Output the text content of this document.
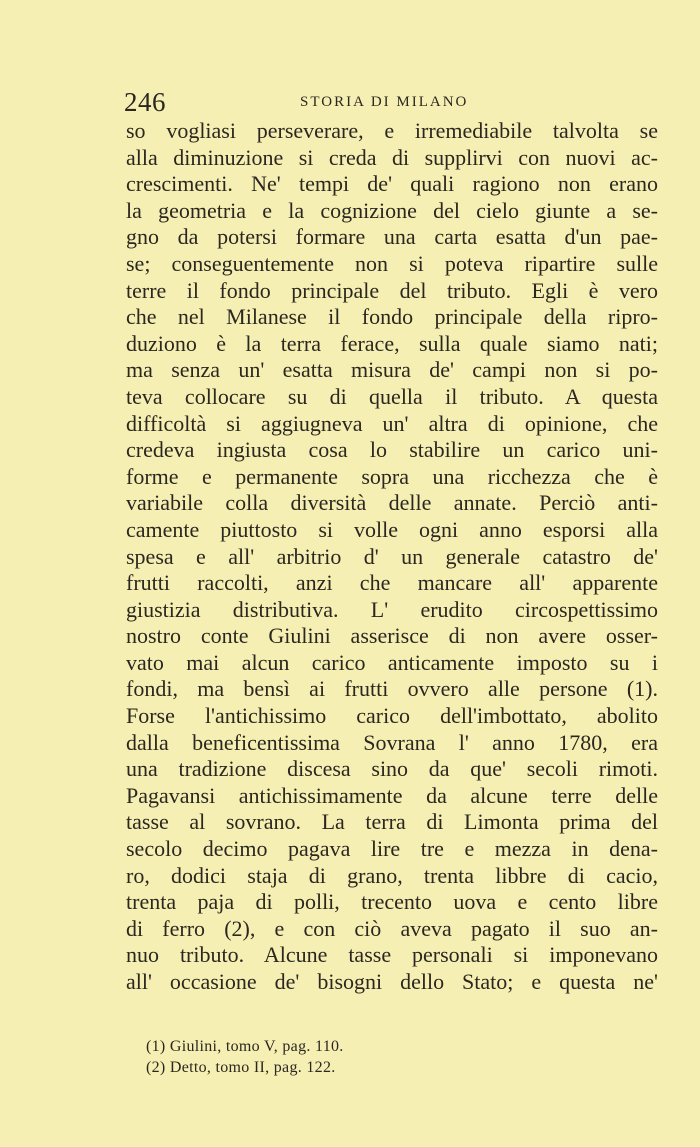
246	STORIA DI MILANO
so vogliasi perseverare, e irremediabile talvolta se
alla diminuzione si creda di supplirvi con nuovi ac-
crescimenti. Ne' tempi de' quali ragiono non erano
la geometria e la cognizione del cielo giunte a se-
gno da potersi formare una carta esatta d'un pae-
se; conseguentemente non si poteva ripartire sulle
terre il fondo principale del tributo. Egli è vero
che nel Milanese il fondo principale della ripro-
duziono è la terra ferace, sulla quale siamo nati;
ma senza un' esatta misura de' campi non si po-
teva collocare su di quella il tributo. A questa
difficoltà si aggiugneva un' altra di opinione, che
credeva ingiusta cosa lo stabilire un carico uni-
forme e permanente sopra una ricchezza che è
variabile colla diversità delle annate. Perciò anti-
camente piuttosto si volle ogni anno esporsi alla
spesa e all' arbitrio d' un generale catastro de'
frutti raccolti, anzi che mancare all' apparente
giustizia distributiva. L' erudito circospettissimo
nostro conte Giulini asserisce di non avere osser-
vato mai alcun carico anticamente imposto su i
fondi, ma bensì ai frutti ovvero alle persone (1).
Forse l'antichissimo carico dell'imbottato, abolito
dalla beneficentissima Sovrana l' anno 1780, era
una tradizione discesa sino da que' secoli rimoti.
Pagavansi antichissimamente da alcune terre delle
tasse al sovrano. La terra di Limonta prima del
secolo decimo pagava lire tre e mezza in dena-
ro, dodici staja di grano, trenta libbre di cacio,
trenta paja di polli, trecento uova e cento libre
di ferro (2), e con ciò aveva pagato il suo an-
nuo tributo. Alcune tasse personali si imponevano
all' occasione de' bisogni dello Stato; e questa ne'
(1) Giulini, tomo V, pag. 110.
(2) Detto, tomo II, pag. 122.
